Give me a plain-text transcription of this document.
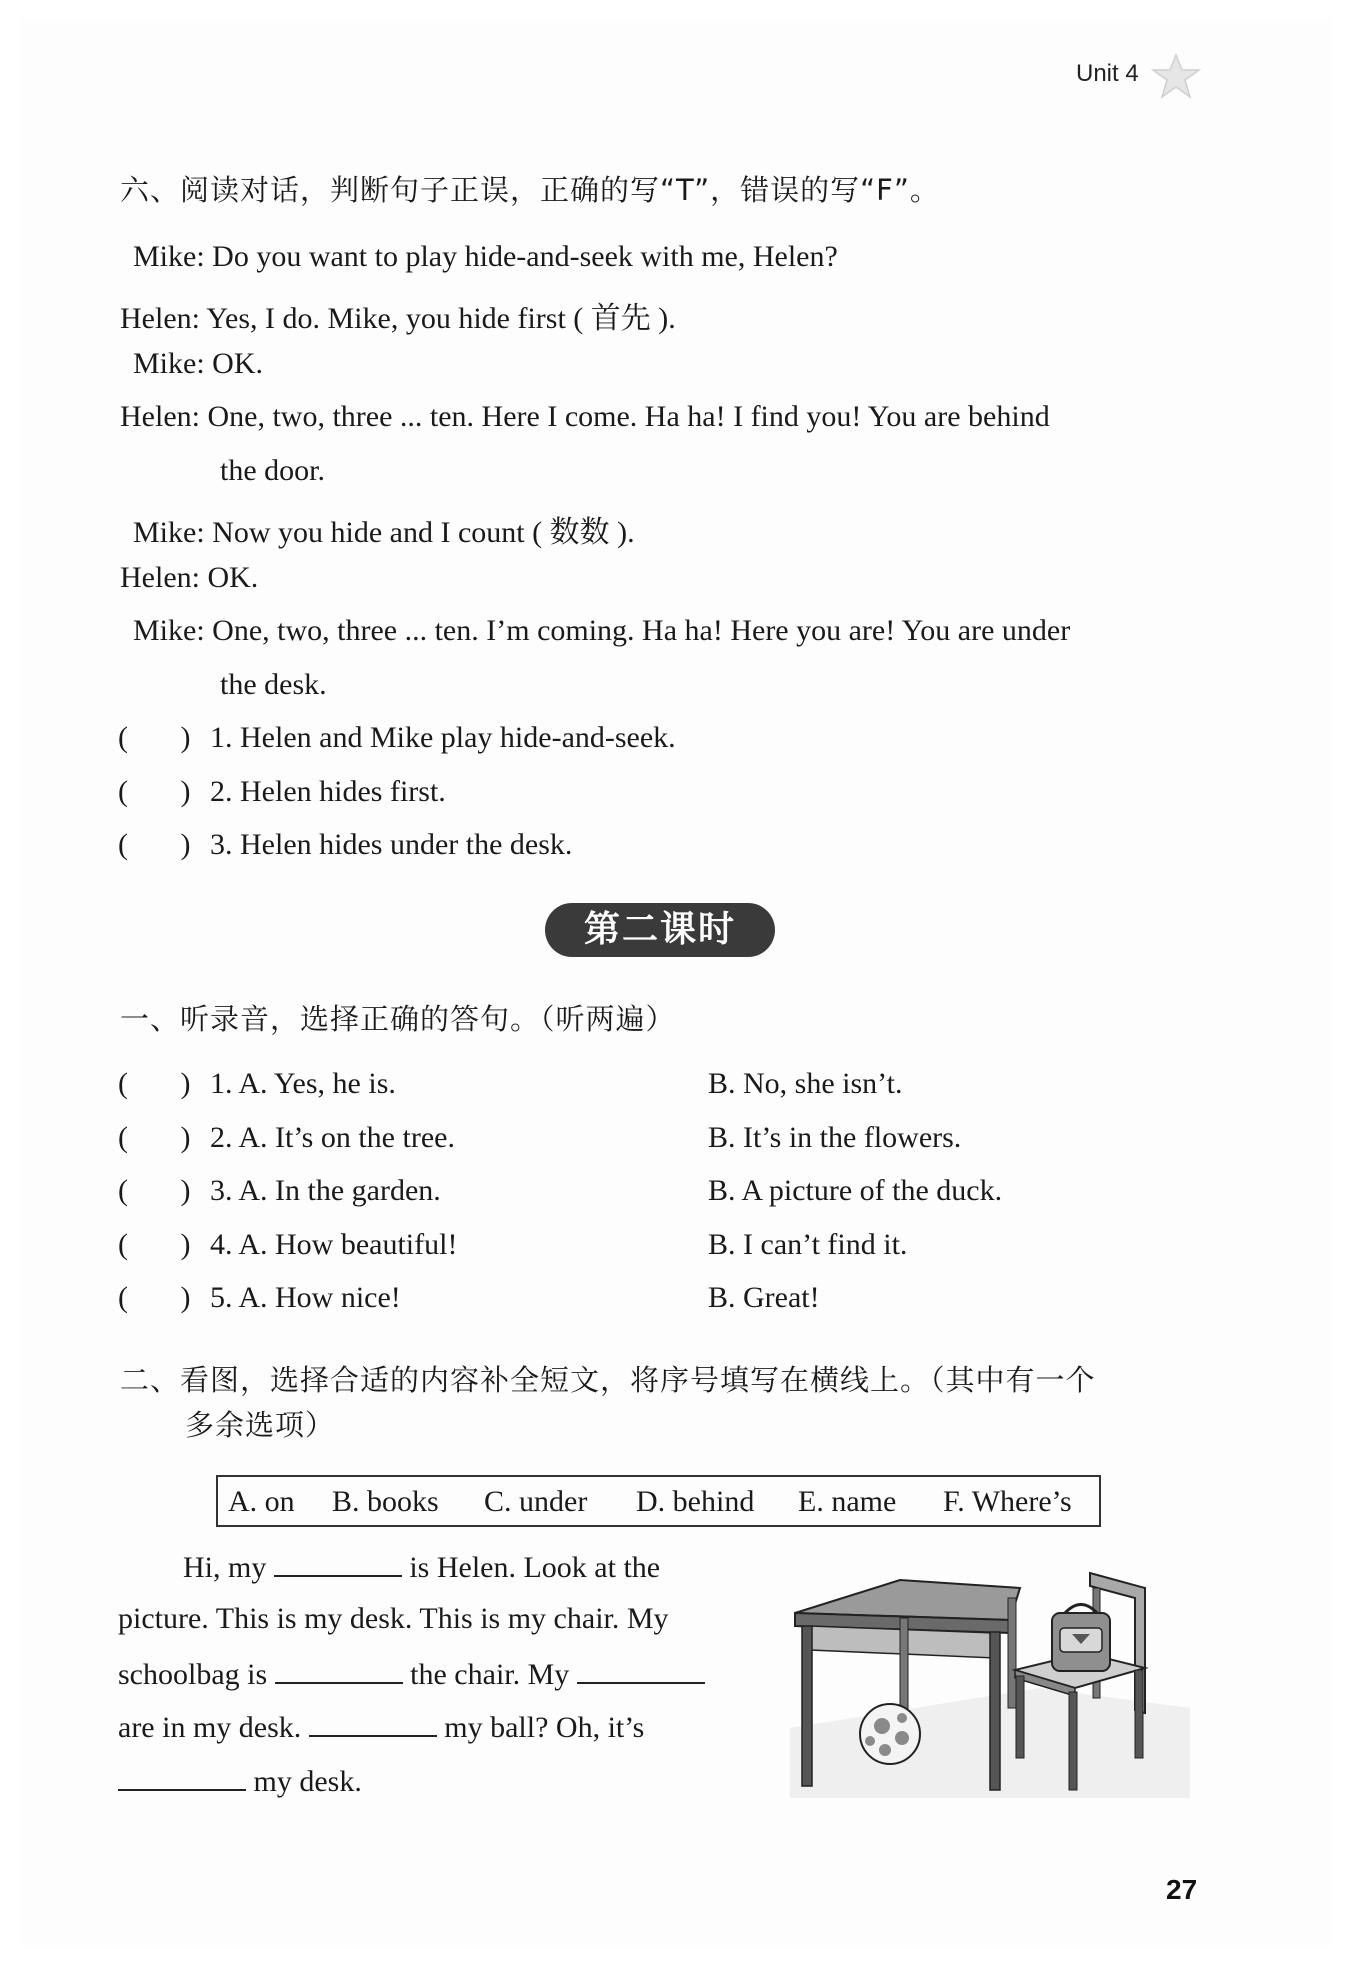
Unit 4
六、阅读对话，判断句子正误，正确的写“T”，错误的写“F”。
Mike: Do you want to play hide-and-seek with me, Helen?
Helen: Yes, I do. Mike, you hide first ( 首先 ).
Mike: OK.
Helen: One, two, three ... ten. Here I come. Ha ha! I find you! You are behind
the door.
Mike: Now you hide and I count ( 数数 ).
Helen: OK.
Mike: One, two, three ... ten. I’m coming. Ha ha! Here you are! You are under
the desk.
(       ) 1. Helen and Mike play hide-and-seek.
(       ) 2. Helen hides first.
(       ) 3. Helen hides under the desk.
第二课时
一、听录音，选择正确的答句。（听两遍）
(       ) 1. A. Yes, he is.	B. No, she isn’t.
(       ) 2. A. It’s on the tree.	B. It’s in the flowers.
(       ) 3. A. In the garden.	B. A picture of the duck.
(       ) 4. A. How beautiful!	B. I can’t find it.
(       ) 5. A. How nice!	B. Great!
二、看图，选择合适的内容补全短文，将序号填写在横线上。（其中有一个
多余选项）
A. on B. books C. under D. behind E. name F. Where’s
Hi, my	is Helen. Look at the
picture. This is my desk. This is my chair. My
schoolbag is	the chair. My
are in my desk.	my ball? Oh, it’s
my desk.
27
